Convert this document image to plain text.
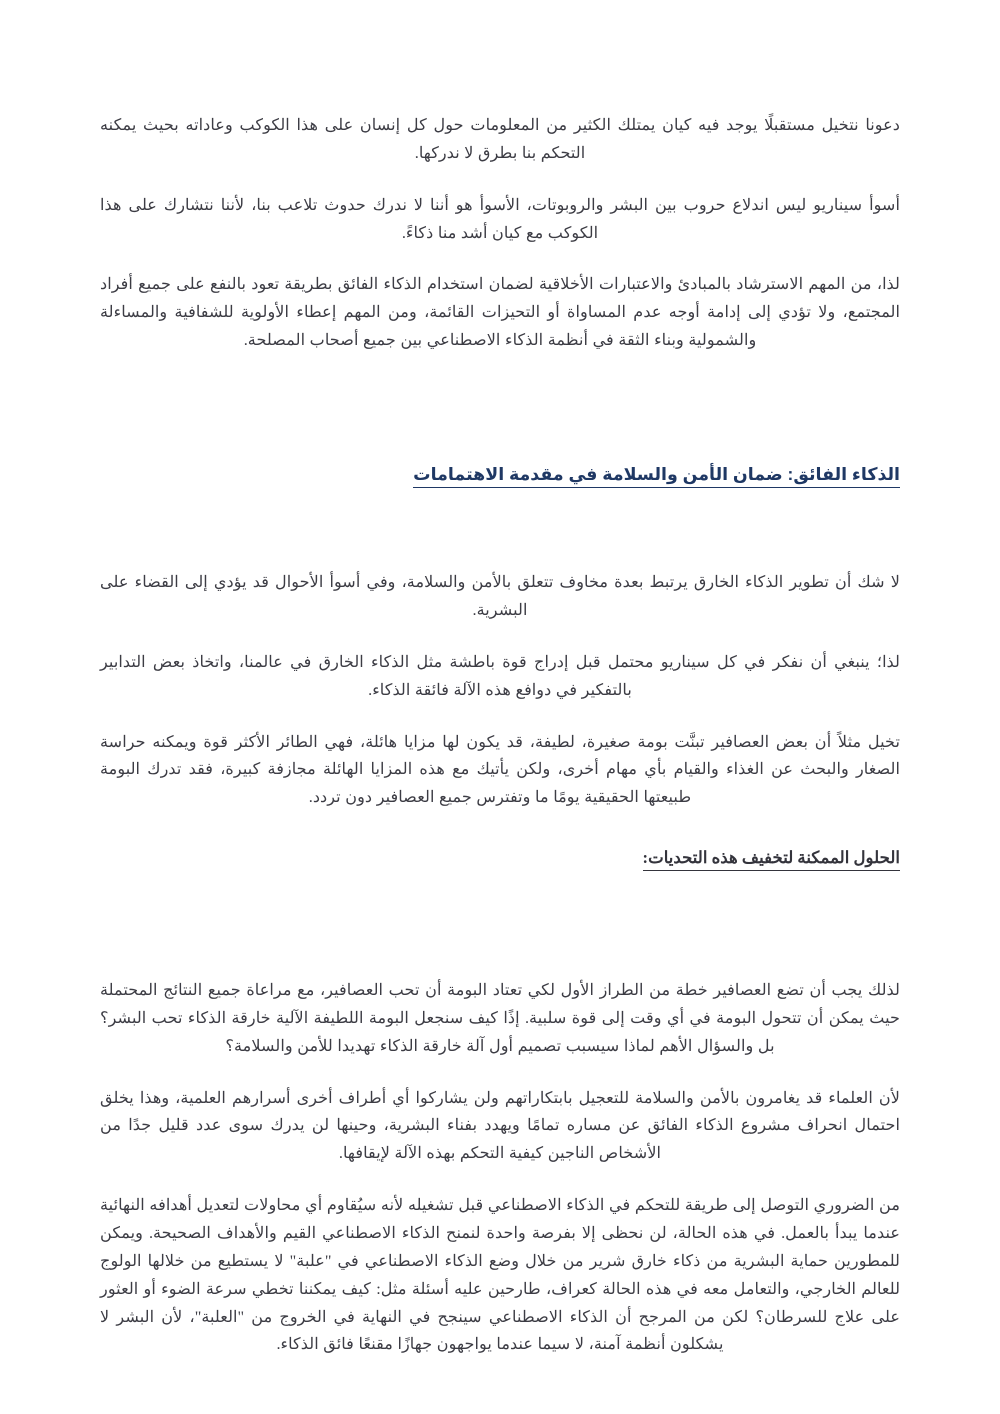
دعونا نتخيل مستقبلًا يوجد فيه كيان يمتلك الكثير من المعلومات حول كل إنسان على هذا الكوكب وعاداته بحيث يمكنه التحكم بنا بطرق لا ندركها.

أسوأ سيناريو ليس اندلاع حروب بين البشر والروبوتات، الأسوأ هو أننا لا ندرك حدوث تلاعب بنا، لأننا نتشارك على هذا الكوكب مع كيان أشد منا ذكاءً.

لذا، من المهم الاسترشاد بالمبادئ والاعتبارات الأخلاقية لضمان استخدام الذكاء الفائق بطريقة تعود بالنفع على جميع أفراد المجتمع، ولا تؤدي إلى إدامة أوجه عدم المساواة أو التحيزات القائمة، ومن المهم إعطاء الأولوية للشفافية والمساءلة والشمولية وبناء الثقة في أنظمة الذكاء الاصطناعي بين جميع أصحاب المصلحة.

الذكاء الفائق: ضمان الأمن والسلامة في مقدمة الاهتمامات

لا شك أن تطوير الذكاء الخارق يرتبط بعدة مخاوف تتعلق بالأمن والسلامة، وفي أسوأ الأحوال قد يؤدي إلى القضاء على البشرية.

لذا؛ ينبغي أن نفكر في كل سيناريو محتمل قبل إدراج قوة باطشة مثل الذكاء الخارق في عالمنا، واتخاذ بعض التدابير بالتفكير في دوافع هذه الآلة فائقة الذكاء.

تخيل مثلاً أن بعض العصافير تبنَّت بومة صغيرة، لطيفة، قد يكون لها مزايا هائلة، فهي الطائر الأكثر قوة ويمكنه حراسة الصغار والبحث عن الغذاء والقيام بأي مهام أخرى، ولكن يأتيك مع هذه المزايا الهائلة مجازفة كبيرة، فقد تدرك البومة طبيعتها الحقيقية يومًا ما وتفترس جميع العصافير دون تردد.

الحلول الممكنة لتخفيف هذه التحديات:

لذلك يجب أن تضع العصافير خطة من الطراز الأول لكي تعتاد البومة أن تحب العصافير، مع مراعاة جميع النتائج المحتملة حيث يمكن أن تتحول البومة في أي وقت إلى قوة سلبية. إذًا كيف سنجعل البومة اللطيفة الآلية خارقة الذكاء تحب البشر؟ بل والسؤال الأهم لماذا سيسبب تصميم أول آلة خارقة الذكاء تهديدا للأمن والسلامة؟

لأن العلماء قد يغامرون بالأمن والسلامة للتعجيل بابتكاراتهم ولن يشاركوا أي أطراف أخرى أسرارهم العلمية، وهذا يخلق احتمال انحراف مشروع الذكاء الفائق عن مساره تمامًا ويهدد بفناء البشرية، وحينها لن يدرك سوى عدد قليل جدًا من الأشخاص الناجين كيفية التحكم بهذه الآلة لإيقافها.

من الضروري التوصل إلى طريقة للتحكم في الذكاء الاصطناعي قبل تشغيله لأنه سيُقاوم أي محاولات لتعديل أهدافه النهائية عندما يبدأ بالعمل. في هذه الحالة، لن نحظى إلا بفرصة واحدة لنمنح الذكاء الاصطناعي القيم والأهداف الصحيحة. ويمكن للمطورين حماية البشرية من ذكاء خارق شرير من خلال وضع الذكاء الاصطناعي في "علبة" لا يستطيع من خلالها الولوج للعالم الخارجي، والتعامل معه في هذه الحالة كعراف، طارحين عليه أسئلة مثل: كيف يمكننا تخطي سرعة الضوء أو العثور على علاج للسرطان؟ لكن من المرجح أن الذكاء الاصطناعي سينجح في النهاية في الخروج من "العلبة"، لأن البشر لا يشكلون أنظمة آمنة، لا سيما عندما يواجهون جهازًا مقنعًا فائق الذكاء.
